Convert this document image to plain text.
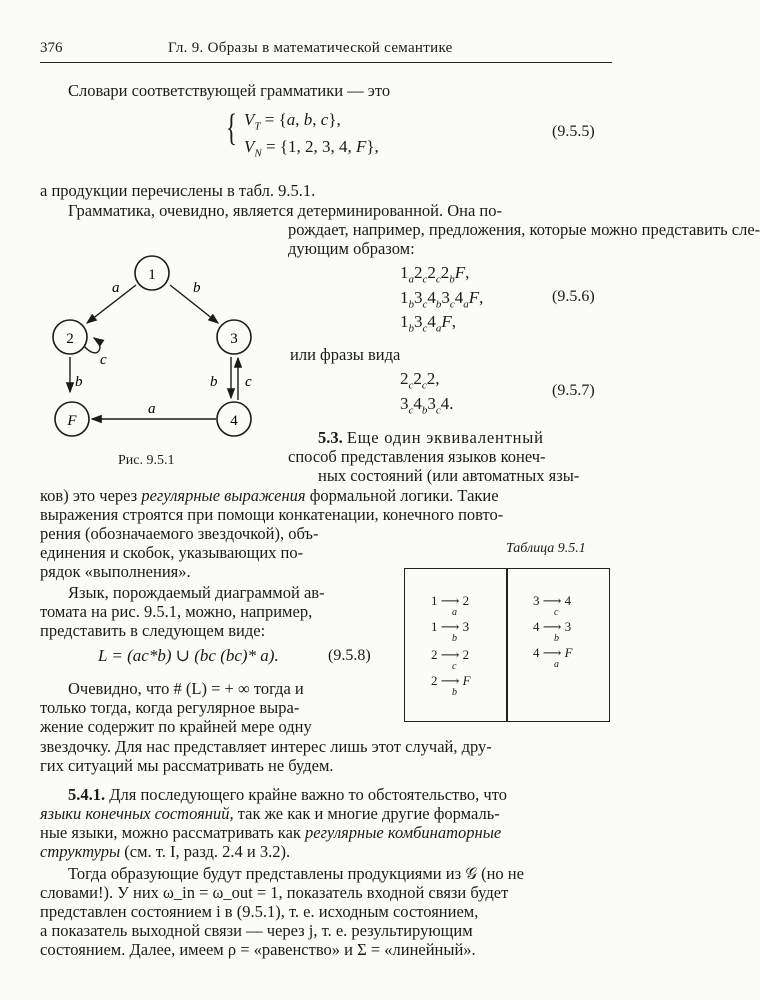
376	Гл. 9. Образы в математической семантике
Словари соответствующей грамматики — это
{ $V_T = \{a$, b, c},
$V_N = \{1$, 2, 3, 4, F},
(9.5.5)
а продукции перечислены в табл. 9.5.1.
Грамматика, очевидно, является детерминированной. Она по-
рождает, например, предложения, которые можно представить сле-
дующим образом:
1
2	3
4
F
a	b
c
b	b c
a
Рис. 9.5.1
$1_a2_c2_c2_bF$,
$1_b3_c4_b3_c4_aF$,
$1_b3_c4_aF$,
(9.5.6)
или фразы вида
$2_c2_c2$,
$3_c4_b3_c4$.
(9.5.7)
5.3. Еще один эквивалентный
способ представления языков конеч-
ных состояний (или автоматных язы-
ков) это через регулярные выражения формальной логики. Такие
выражения строятся при помощи конкатенации, конечного повто-
рения (обозначаемого звездочкой), объ-
единения и скобок, указывающих по-
рядок «выполнения».
Таблица 9.5.1
1 ⟶ 2
a
1 ⟶ 3
b
2 ⟶ 2
c
2 ⟶ F
b
3 ⟶ 4
c
4 ⟶ 3
b
4 ⟶ F
a
Язык, порождаемый диаграммой ав-
томата на рис. 9.5.1, можно, например,
представить в следующем виде:
L = (ac*b) ∪ (bc (bc)* a).	(9.5.8)
Очевидно, что # (L) = + ∞ тогда и
только тогда, когда регулярное выра-
жение содержит по крайней мере одну
звездочку. Для нас представляет интерес лишь этот случай, дру-
гих ситуаций мы рассматривать не будем.
5.4.1. Для последующего крайне важно то обстоятельство, что
языки конечных состояний, так же как и многие другие формаль-
ные языки, можно рассматривать как регулярные комбинаторные
структуры (см. т. I, разд. 2.4 и 3.2).
Тогда образующие будут представлены продукциями из 𝒢 (но не
словами!). У них ω_in = ω_out = 1, показатель входной связи будет
представлен состоянием i в (9.5.1), т. е. исходным состоянием,
а показатель выходной связи — через j, т. е. результирующим
состоянием. Далее, имеем ρ = «равенство» и Σ = «линейный».
